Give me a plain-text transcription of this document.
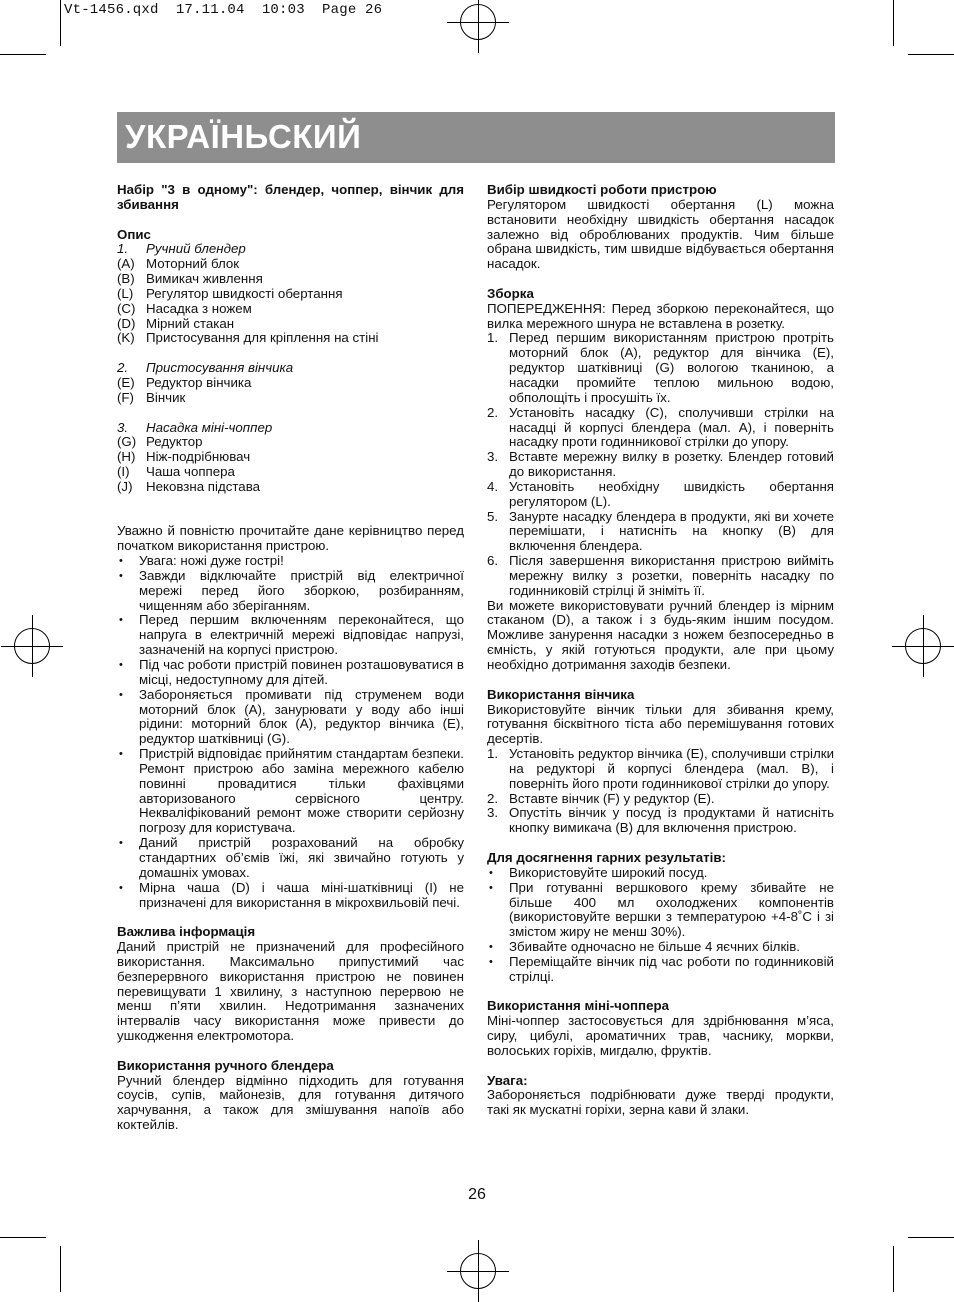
Vt-1456.qxd  17.11.04  10:03  Page 26
УКРАЇНЬСКИЙ

Набір "3 в одному": блендер, чоппер, вінчик для збивання

Опис

1. Ручний блендер
(A) Моторний блок
(B) Вимикач живлення
(L) Регулятор швидкості обертання
(C) Насадка з ножем
(D) Мірний стакан
(K) Пристосування для кріплення на стіні
2. Пристосування вінчика
(E) Редуктор вінчика
(F) Вінчик
3. Насадка міні-чоппер
(G) Редуктор
(H) Ніж-подрібнювач
(I) Чаша чоппера
(J) Нековзна підстава

Уважно й повністю прочитайте дане керівництво перед початком використання пристрою.

• Увага: ножі дуже гострі!
• Завжди відключайте пристрій від електричної мережі перед його зборкою, розбиранням, чищенням або зберіганням.
• Перед першим включенням переконайтеся, що напруга в електричній мережі відповідає напрузі, зазначеній на корпусі пристрою.
• Під час роботи пристрій повинен розташовуватися в місці, недоступному для дітей.
• Забороняється промивати під струменем води моторний блок (A), занурювати у воду або інші рідини: моторний блок (A), редуктор вінчика (E), редуктор шатківниці (G).
• Пристрій відповідає прийнятим стандартам безпеки. Ремонт пристрою або заміна мережного кабелю повинні провадитися тільки фахівцями авторизованого сервісного центру. Некваліфікований ремонт може створити серйозну погрозу для користувача.
• Даний пристрій розрахований на обробку стандартних об’ємів їжі, які звичайно готують у домашніх умовах.
• Мірна чаша (D) і чаша міні-шатківниці (I) не призначені для використання в мікрохвильовій печі.

Важлива інформація

Даний пристрій не призначений для професійного використання. Максимально припустимий час безперервного використання пристрою не повинен перевищувати 1 хвилину, з наступною перервою не менш п’яти хвилин. Недотримання зазначених інтервалів часу використання може привести до ушкодження електромотора.

Використання ручного блендера

Ручний блендер відмінно підходить для готування соусів, супів, майонезів, для готування дитячого харчування, а також для змішування напоїв або коктейлів.

Вибір швидкості роботи пристрою

Регулятором швидкості обертання (L) можна встановити необхідну швидкість обертання насадок залежно від оброблюваних продуктів. Чим більше обрана швидкість, тим швидше відбувається обертання насадок.

Зборка

ПОПЕРЕДЖЕННЯ: Перед зборкою переконайтеся, що вилка мережного шнура не вставлена в розетку.

1. Перед першим використанням пристрою протріть моторний блок (A), редуктор для вінчика (E), редуктор шатківниці (G) вологою тканиною, а насадки промийте теплою мильною водою, обполощіть і просушіть їх.
2. Установіть насадку (C), сполучивши стрілки на насадці й корпусі блендера (мал. A), і поверніть насадку проти годинникової стрілки до упору.
3. Вставте мережну вилку в розетку. Блендер готовий до використання.
4. Установіть необхідну швидкість обертання регулятором (L).
5. Занурте насадку блендера в продукти, які ви хочете перемішати, і натисніть на кнопку (B) для включення блендера.
6. Після завершення використання пристрою вийміть мережну вилку з розетки, поверніть насадку по годинниковій стрілці й зніміть її.

Ви можете використовувати ручний блендер із мірним стаканом (D), а також і з будь-яким іншим посудом. Можливе занурення насадки з ножем безпосередньо в ємність, у якій готуються продукти, але при цьому необхідно дотримання заходів безпеки.

Використання вінчика

Використовуйте вінчик тільки для збивання крему, готування бісквітного тіста або перемішування готових десертів.

1. Установіть редуктор вінчика (E), сполучивши стрілки на редукторі й корпусі блендера (мал. B), і поверніть його проти годинникової стрілки до упору.
2. Вставте вінчик (F) у редуктор (E).
3. Опустіть вінчик у посуд із продуктами й натисніть кнопку вимикача (B) для включення пристрою.

Для досягнення гарних результатів:

• Використовуйте широкий посуд.
• При готуванні вершкового крему збивайте не більше 400 мл охолоджених компонентів (використовуйте вершки з температурою +4-8˚С і зі змістом жиру не менш 30%).
• Збивайте одночасно не більше 4 яєчних білків.
• Переміщайте вінчик під час роботи по годинниковій стрілці.

Використання міні-чоппера

Міні-чоппер застосовується для здрібнювання м’яса, сиру, цибулі, ароматичних трав, часнику, моркви, волоських горіхів, мигдалю, фруктів.

Увага:

Забороняється подрібнювати дуже тверді продукти, такі як мускатні горіхи, зерна кави й злаки.

26
